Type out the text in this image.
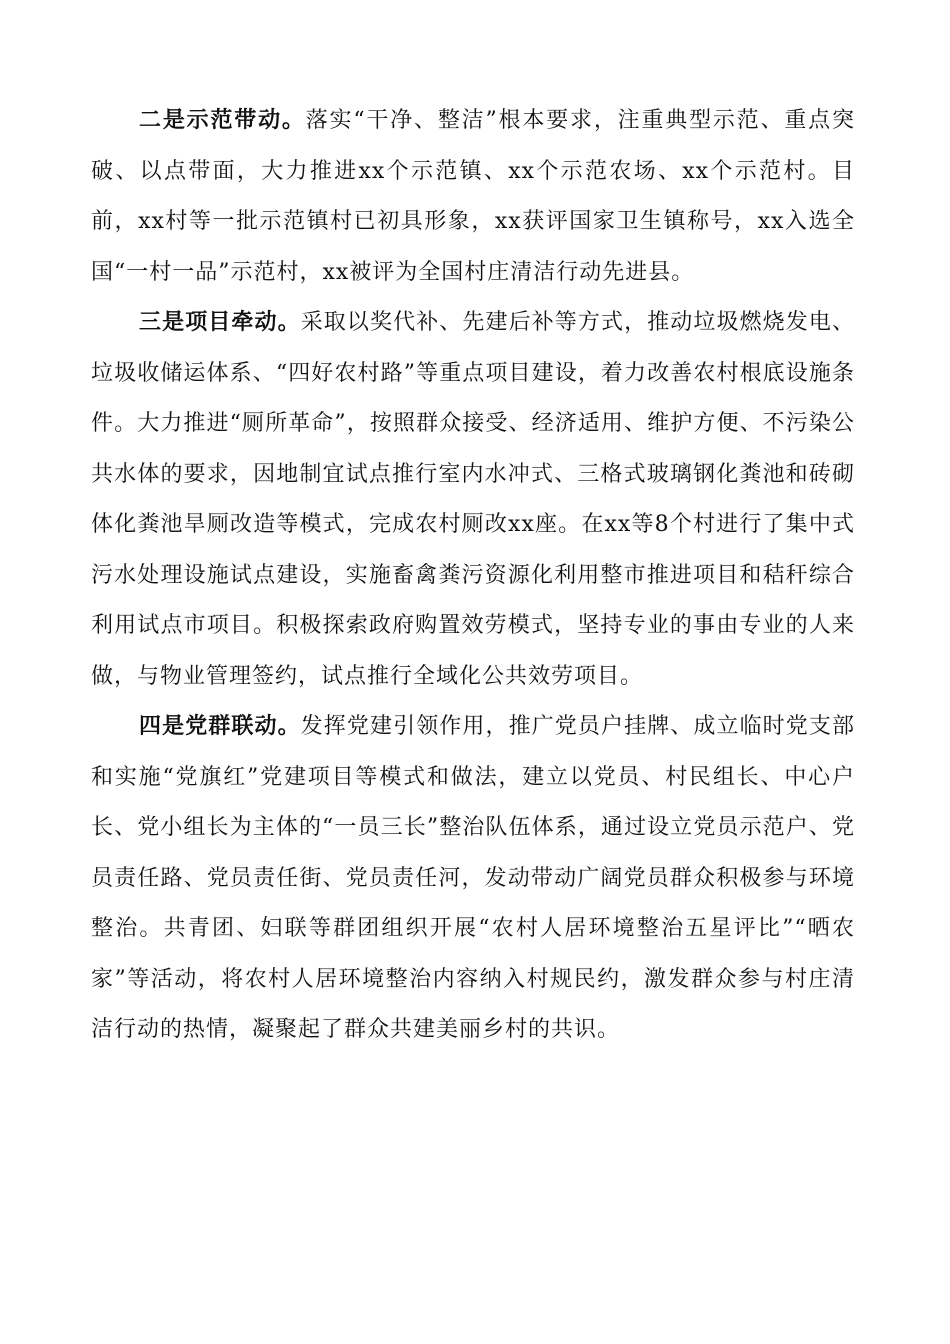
二是示范带动。落实“干净、整洁”根本要求，注重典型示范、重点突破、以点带面，大力推进xx个示范镇、xx个示范农场、xx个示范村。目前，xx村等一批示范镇村已初具形象，xx获评国家卫生镇称号，xx入选全国“一村一品”示范村，xx被评为全国村庄清洁行动先进县。

三是项目牵动。采取以奖代补、先建后补等方式，推动垃圾燃烧发电、垃圾收储运体系、“四好农村路”等重点项目建设，着力改善农村根底设施条件。大力推进“厕所革命”，按照群众接受、经济适用、维护方便、不污染公共水体的要求，因地制宜试点推行室内水冲式、三格式玻璃钢化粪池和砖砌体化粪池旱厕改造等模式，完成农村厕改xx座。在xx等8个村进行了集中式污水处理设施试点建设，实施畜禽粪污资源化利用整市推进项目和秸秆综合利用试点市项目。积极探索政府购置效劳模式，坚持专业的事由专业的人来做，与物业管理签约，试点推行全域化公共效劳项目。

四是党群联动。发挥党建引领作用，推广党员户挂牌、成立临时党支部和实施“党旗红”党建项目等模式和做法，建立以党员、村民组长、中心户长、党小组长为主体的“一员三长”整治队伍体系，通过设立党员示范户、党员责任路、党员责任街、党员责任河，发动带动广阔党员群众积极参与环境整治。共青团、妇联等群团组织开展“农村人居环境整治五星评比”“晒农家”等活动，将农村人居环境整治内容纳入村规民约，激发群众参与村庄清洁行动的热情，凝聚起了群众共建美丽乡村的共识。
